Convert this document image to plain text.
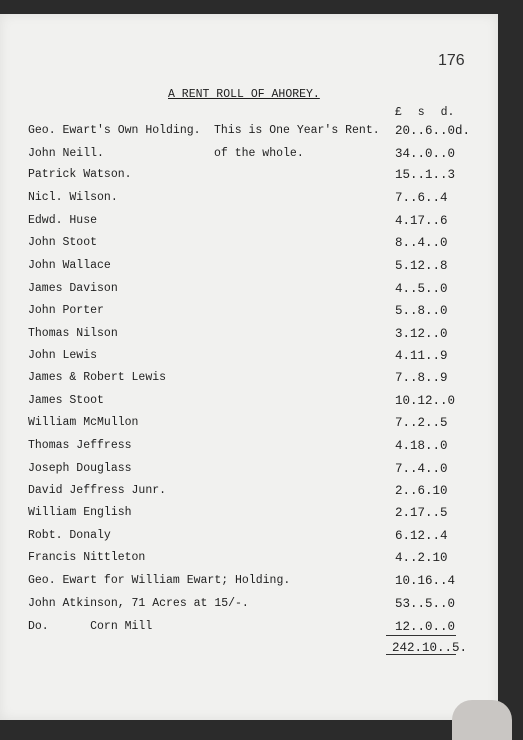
176
A RENT ROLL OF AHOREY.
£ s d.
Geo. Ewart's Own Holding. This is One Year's Rent. 20..6..0d.
John Neill.	of the whole.	34..0..0
Patrick Watson.	15..1..3
Nicl. Wilson.	7..6..4
Edwd. Huse	4.17..6
John Stoot	8..4..0
John Wallace	5.12..8
James Davison	4..5..0
John Porter	5..8..0
Thomas Nilson	3.12..0
John Lewis	4.11..9
James & Robert Lewis	7..8..9
James Stoot	10.12..0
William McMullon	7..2..5
Thomas Jeffress	4.18..0
Joseph Douglass	7..4..0
David Jeffress Junr.	2..6.10
William English	2.17..5
Robt. Donaly	6.12..4
Francis Nittleton	4..2.10
Geo. Ewart for William Ewart; Holding.	10.16..4
John Atkinson, 71 Acres at 15/-.	53..5..0
Do.      Corn Mill	12..0..0
242.10..5.
